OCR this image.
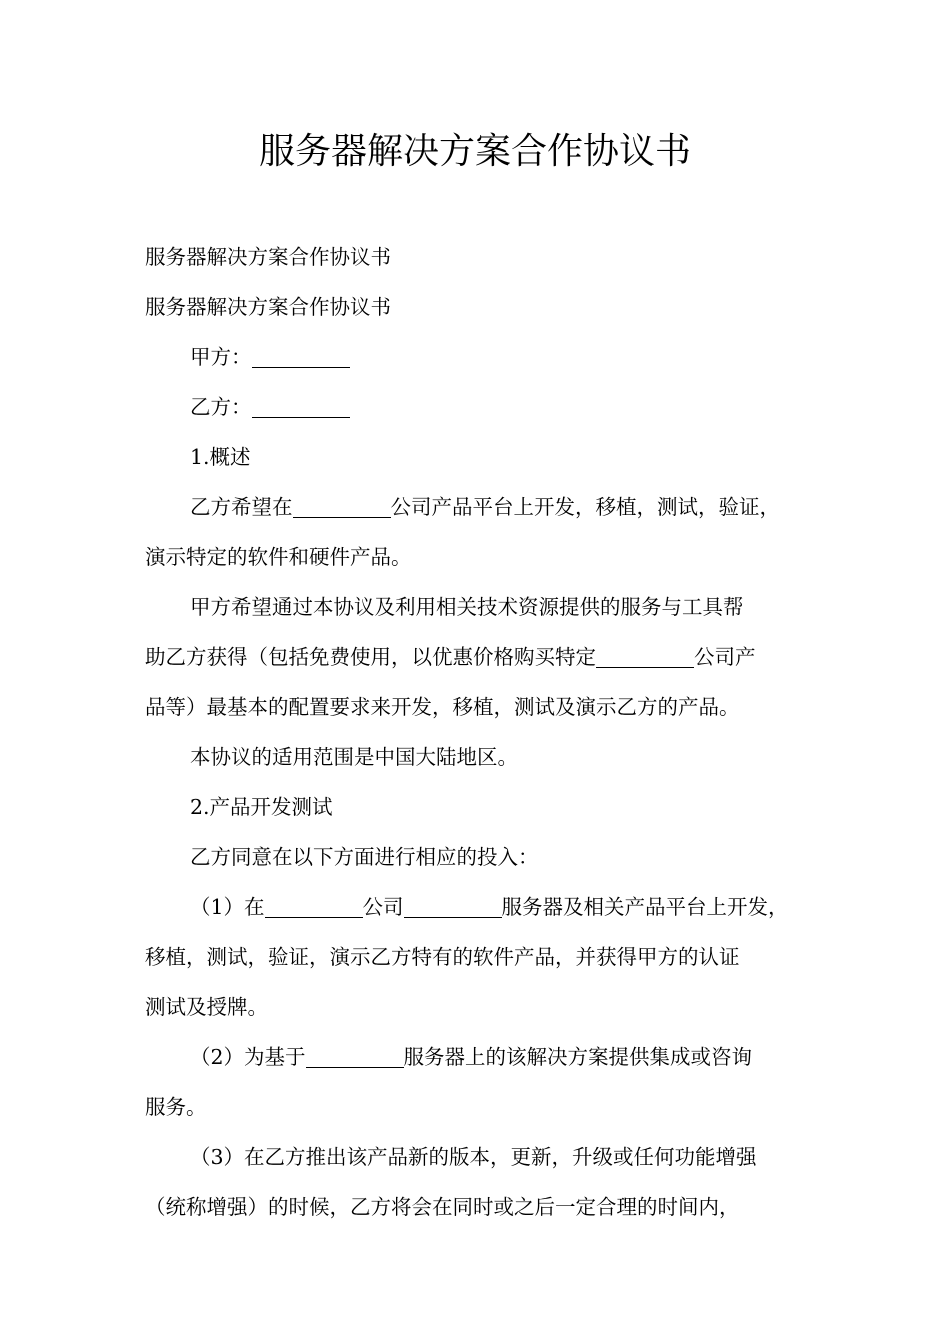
服务器解决方案合作协议书

服务器解决方案合作协议书

服务器解决方案合作协议书

甲方：

乙方：

1.概述

乙方希望在	公司产品平台上开发，移植，测试，验证，

演示特定的软件和硬件产品。

甲方希望通过本协议及利用相关技术资源提供的服务与工具帮

助乙方获得（包括免费使用，以优惠价格购买特定	公司产

品等）最基本的配置要求来开发，移植，测试及演示乙方的产品。

本协议的适用范围是中国大陆地区。

2.产品开发测试

乙方同意在以下方面进行相应的投入：

（1）在	公司	服务器及相关产品平台上开发，

移植，测试，验证，演示乙方特有的软件产品，并获得甲方的认证

测试及授牌。

（2）为基于	服务器上的该解决方案提供集成或咨询

服务。

（3）在乙方推出该产品新的版本，更新，升级或任何功能增强

（统称增强）的时候，乙方将会在同时或之后一定合理的时间内，
